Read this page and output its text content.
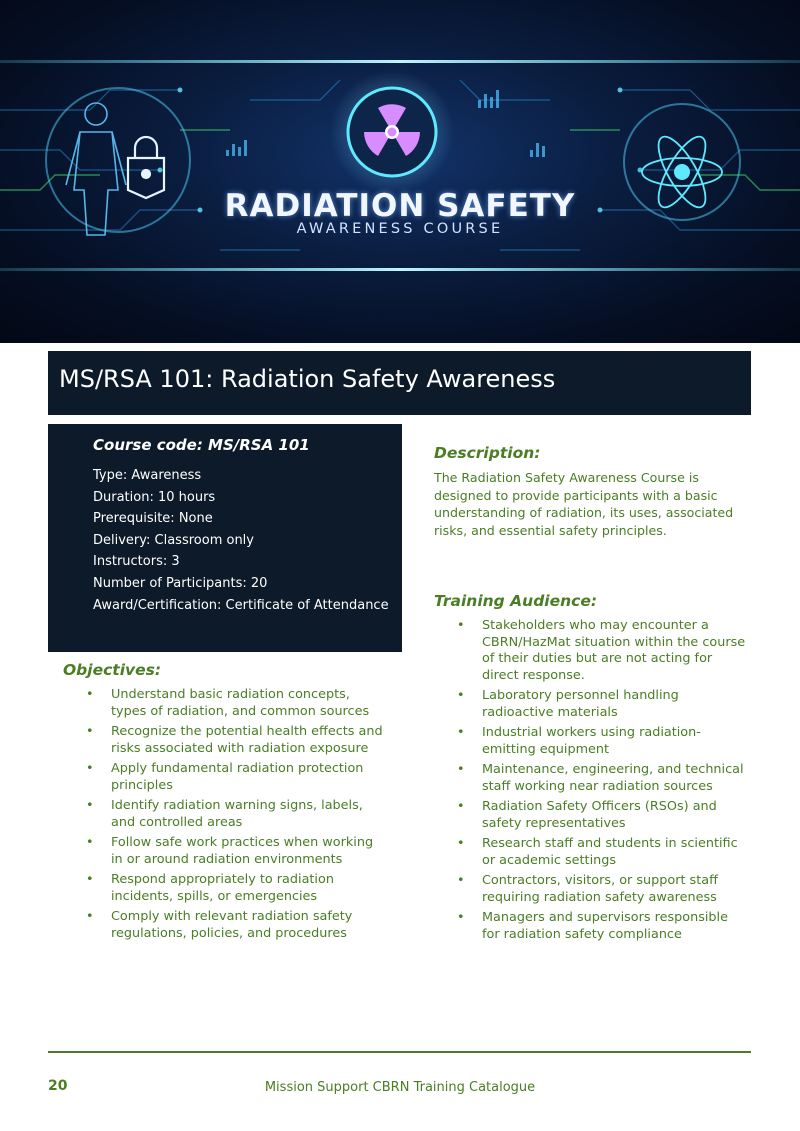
RADIATION SAFETY
AWARENESS COURSE
MS/RSA 101: Radiation Safety Awareness
Course code: MS/RSA 101
Type: Awareness
Duration: 10 hours
Prerequisite: None
Delivery: Classroom only
Instructors: 3
Number of Participants: 20
Award/Certification: Certificate of Attendance
Description:
The Radiation Safety Awareness Course is designed to provide participants with a basic understanding of radiation, its uses, associated risks, and essential safety principles.
Training Audience:
• Stakeholders who may encounter a CBRN/HazMat situation within the course of their duties but are not acting for direct response.
• Laboratory personnel handling radioactive materials
• Industrial workers using radiation-emitting equipment
• Maintenance, engineering, and technical staff working near radiation sources
• Radiation Safety Officers (RSOs) and safety representatives
• Research staff and students in scientific or academic settings
• Contractors, visitors, or support staff requiring radiation safety awareness
• Managers and supervisors responsible for radiation safety compliance
Objectives:
• Understand basic radiation concepts, types of radiation, and common sources
• Recognize the potential health effects and risks associated with radiation exposure
• Apply fundamental radiation protection principles
• Identify radiation warning signs, labels, and controlled areas
• Follow safe work practices when working in or around radiation environments
• Respond appropriately to radiation incidents, spills, or emergencies
• Comply with relevant radiation safety regulations, policies, and procedures
20	Mission Support CBRN Training Catalogue
